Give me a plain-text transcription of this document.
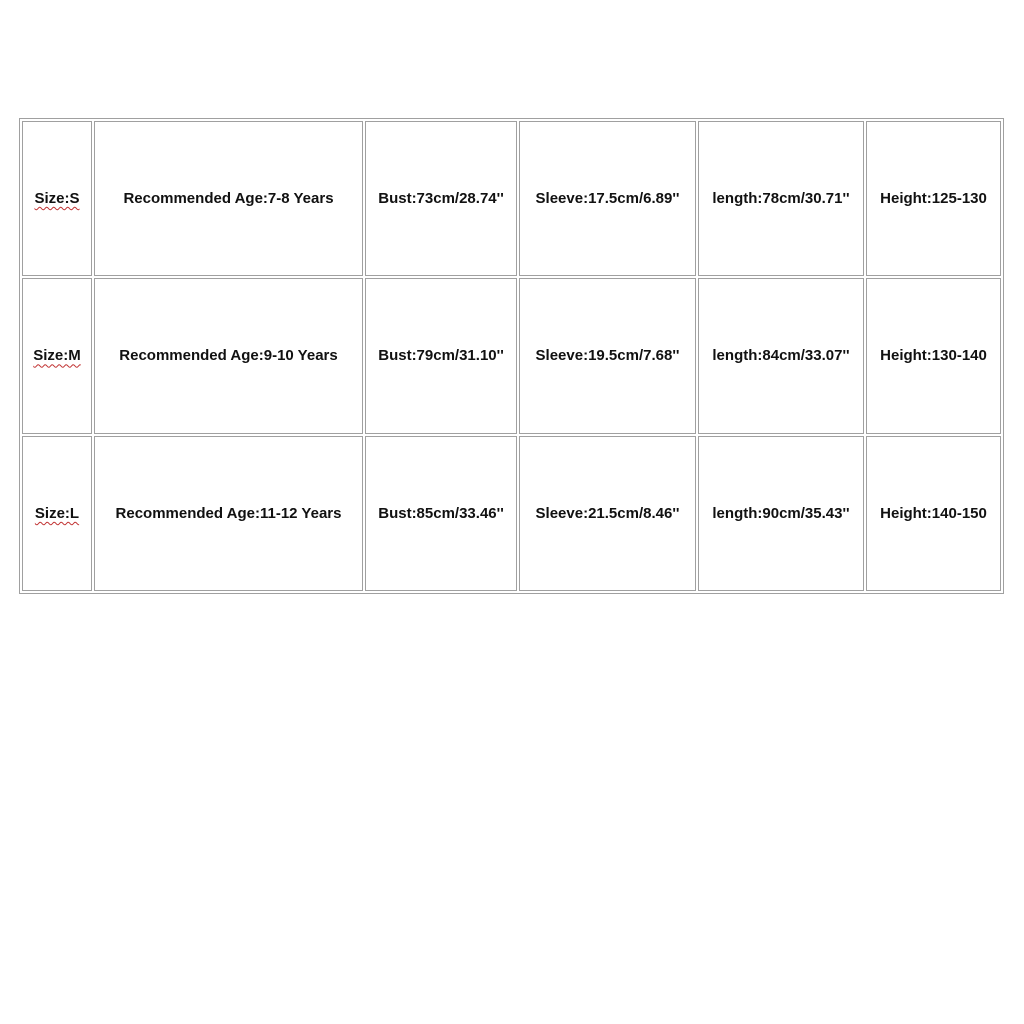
Size:S	Recommended Age:7-8 Years	Bust:73cm/28.74''	Sleeve:17.5cm/6.89''	length:78cm/30.71''	Height:125-130
Size:M	Recommended Age:9-10 Years	Bust:79cm/31.10''	Sleeve:19.5cm/7.68''	length:84cm/33.07''	Height:130-140
Size:L	Recommended Age:11-12 Years	Bust:85cm/33.46''	Sleeve:21.5cm/8.46''	length:90cm/35.43''	Height:140-150
